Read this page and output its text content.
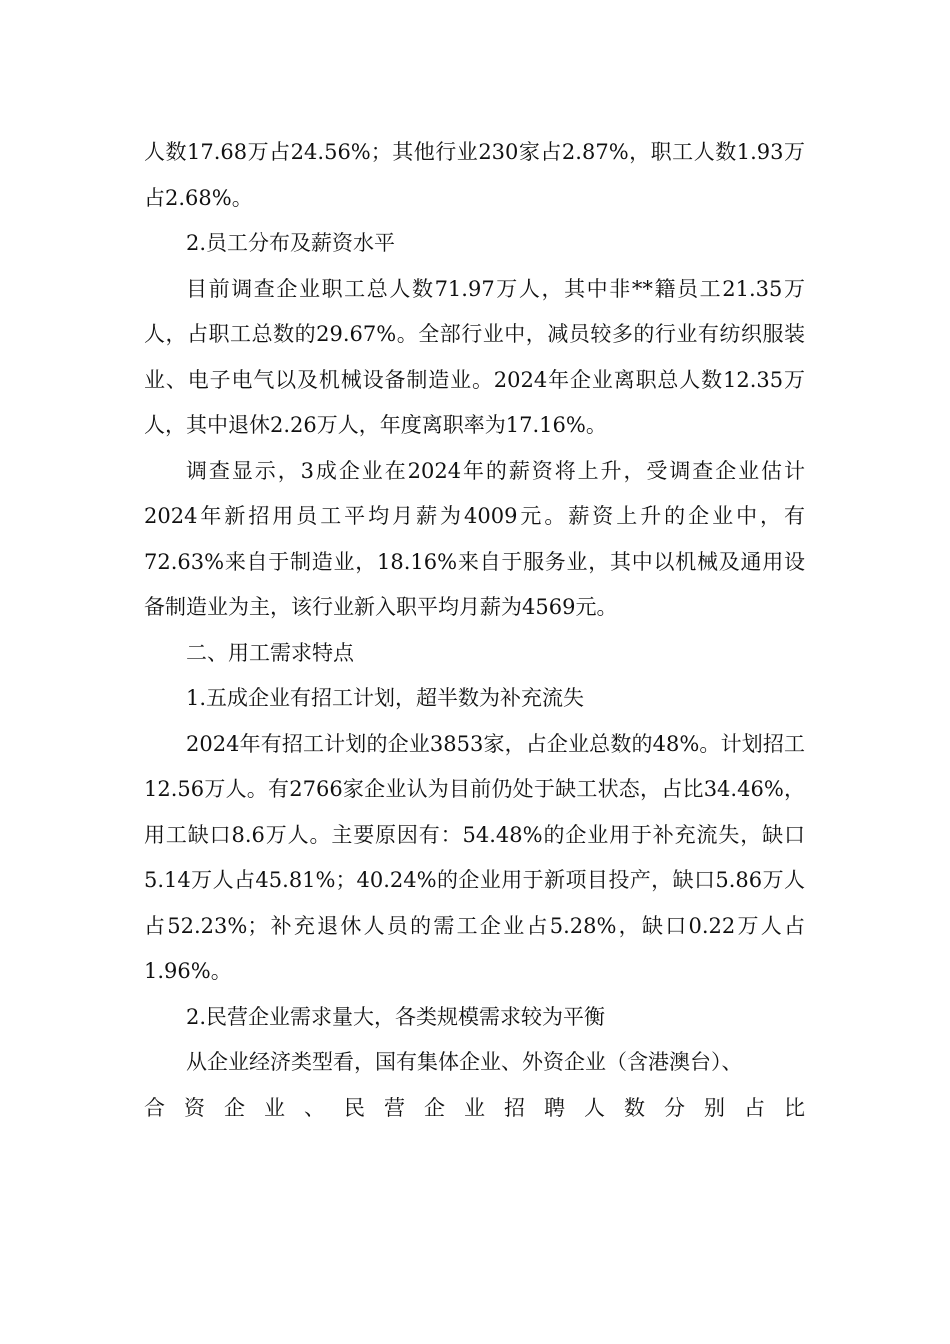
人数17.68万占24.56%；其他行业230家占2.87%，职工人数1.93万占2.68%。

2.员工分布及薪资水平

目前调查企业职工总人数71.97万人，其中非**籍员工21.35万人，占职工总数的29.67%。全部行业中，减员较多的行业有纺织服装业、电子电气以及机械设备制造业。2024年企业离职总人数12.35万人，其中退休2.26万人，年度离职率为17.16%。

调查显示，3成企业在2024年的薪资将上升，受调查企业估计2024年新招用员工平均月薪为4009元。薪资上升的企业中，有72.63%来自于制造业，18.16%来自于服务业，其中以机械及通用设备制造业为主，该行业新入职平均月薪为4569元。

二、用工需求特点

1.五成企业有招工计划，超半数为补充流失

2024年有招工计划的企业3853家，占企业总数的48%。计划招工12.56万人。有2766家企业认为目前仍处于缺工状态，占比34.46%，用工缺口8.6万人。主要原因有：54.48%的企业用于补充流失，缺口5.14万人占45.81%；40.24%的企业用于新项目投产，缺口5.86万人占52.23%；补充退休人员的需工企业占5.28%，缺口0.22万人占1.96%。

2.民营企业需求量大，各类规模需求较为平衡

从企业经济类型看，国有集体企业、外资企业（含港澳台）、

合资企业、民营企业招聘人数分别占比
